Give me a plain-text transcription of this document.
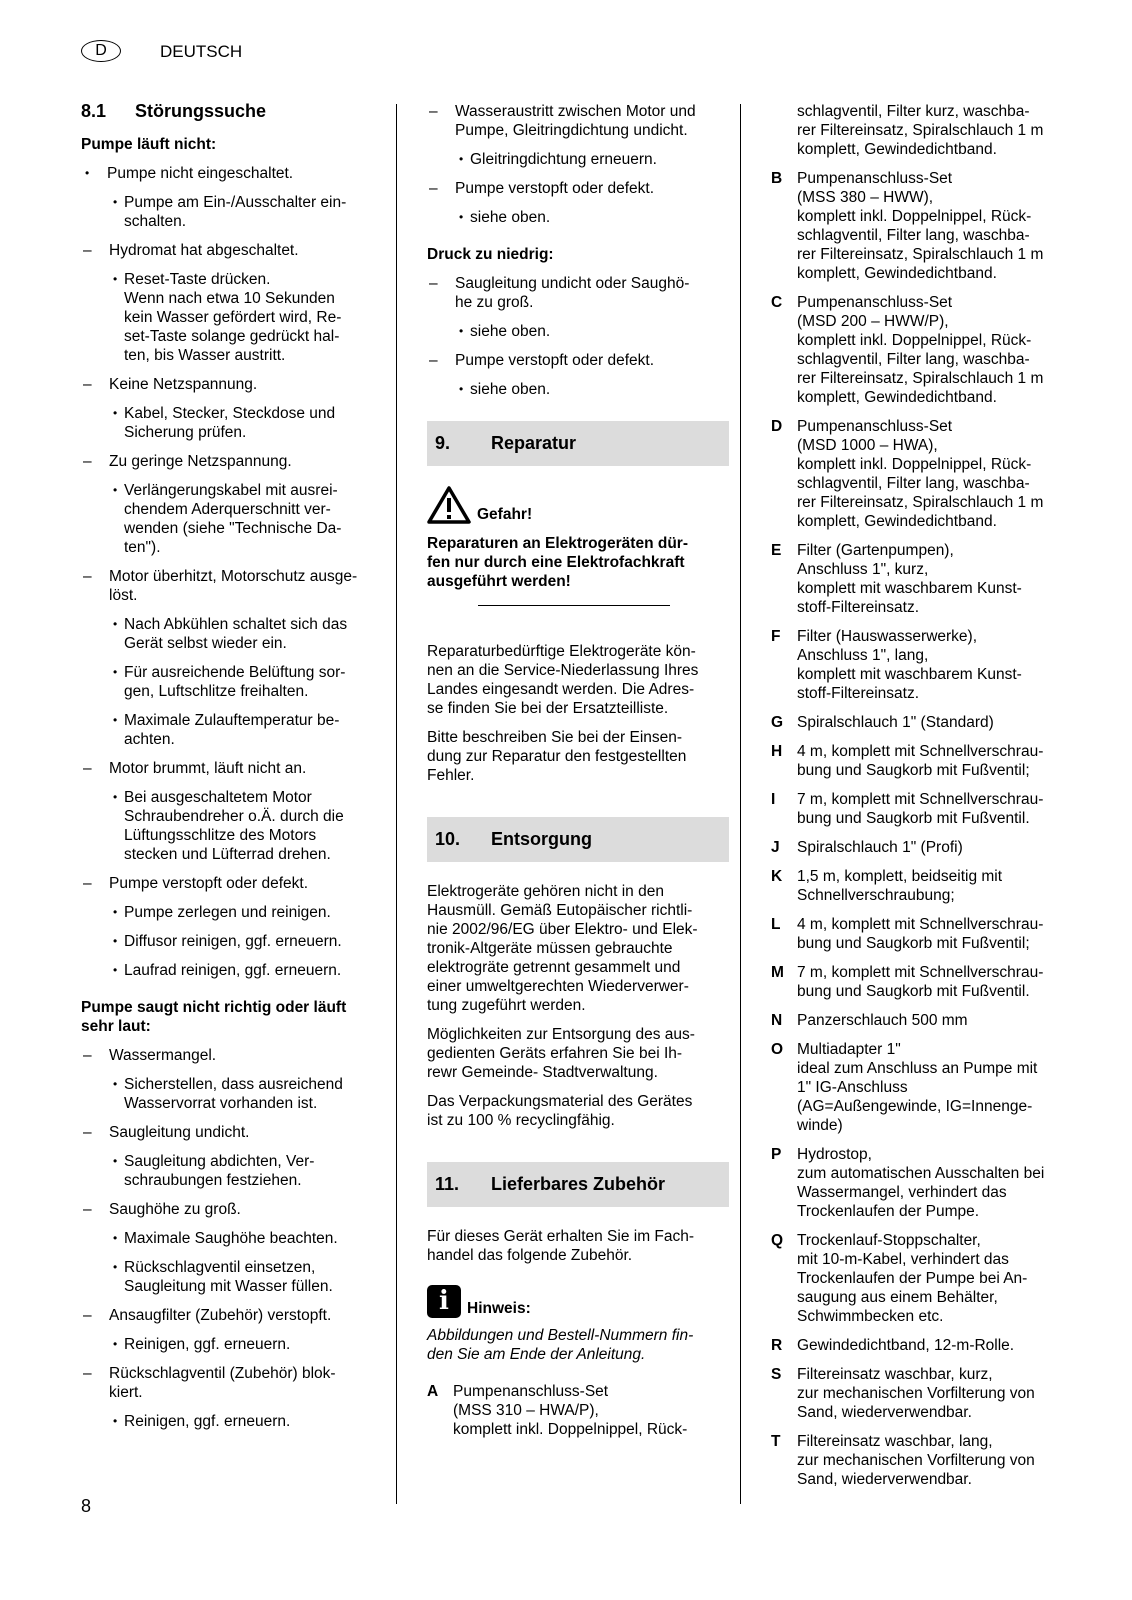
D	DEUTSCH
8.1	Störungssuche
Pumpe läuft nicht:
•	Pumpe nicht eingeschaltet.
• Pumpe am Ein-/Ausschalter ein-
schalten.
–	Hydromat hat abgeschaltet.
• Reset-Taste drücken.
Wenn nach etwa 10 Sekunden
kein Wasser gefördert wird, Re-
set-Taste solange gedrückt hal-
ten, bis Wasser austritt.
–	Keine Netzspannung.
• Kabel, Stecker, Steckdose und
Sicherung prüfen.
–	Zu geringe Netzspannung.
• Verlängerungskabel mit ausrei-
chendem Aderquerschnitt ver-
wenden (siehe "Technische Da-
ten").
–	Motor überhitzt, Motorschutz ausge-
löst.
• Nach Abkühlen schaltet sich das
Gerät selbst wieder ein.
• Für ausreichende Belüftung sor-
gen, Luftschlitze freihalten.
• Maximale Zulauftemperatur be-
achten.
–	Motor brummt, läuft nicht an.
• Bei ausgeschaltetem Motor
Schraubendreher o.Ä. durch die
Lüftungsschlitze des Motors
stecken und Lüfterrad drehen.
–	Pumpe verstopft oder defekt.
• Pumpe zerlegen und reinigen.
• Diffusor reinigen, ggf. erneuern.
• Laufrad reinigen, ggf. erneuern.
Pumpe saugt nicht richtig oder läuft
sehr laut:
–	Wassermangel.
• Sicherstellen, dass ausreichend
Wasservorrat vorhanden ist.
–	Saugleitung undicht.
• Saugleitung abdichten, Ver-
schraubungen festziehen.
–	Saughöhe zu groß.
• Maximale Saughöhe beachten.
• Rückschlagventil einsetzen,
Saugleitung mit Wasser füllen.
–	Ansaugfilter (Zubehör) verstopft.
• Reinigen, ggf. erneuern.
–	Rückschlagventil (Zubehör) blok-
kiert.
• Reinigen, ggf. erneuern.
–	Wasseraustritt zwischen Motor und
Pumpe, Gleitringdichtung undicht.
• Gleitringdichtung erneuern.
–	Pumpe verstopft oder defekt.
• siehe oben.
Druck zu niedrig:
–	Saugleitung undicht oder Saughö-
he zu groß.
• siehe oben.
–	Pumpe verstopft oder defekt.
• siehe oben.
9.	Reparatur
Gefahr!
Reparaturen an Elektrogeräten dür-
fen nur durch eine Elektrofachkraft
ausgeführt werden!
Reparaturbedürftige Elektrogeräte kön-
nen an die Service-Niederlassung Ihres
Landes eingesandt werden. Die Adres-
se finden Sie bei der Ersatzteilliste.
Bitte beschreiben Sie bei der Einsen-
dung zur Reparatur den festgestellten
Fehler.
10.	Entsorgung
Elektrogeräte gehören nicht in den
Hausmüll. Gemäß Eutopäischer richtli-
nie 2002/96/EG über Elektro- und Elek-
tronik-Altgeräte müssen gebrauchte
elektrogräte getrennt gesammelt und
einer umweltgerechten Wiederverwer-
tung zugeführt werden.
Möglichkeiten zur Entsorgung des aus-
gedienten Geräts erfahren Sie bei Ih-
rewr Gemeinde- Stadtverwaltung.
Das Verpackungsmaterial des Gerätes
ist zu 100 % recyclingfähig.
11.	Lieferbares Zubehör
Für dieses Gerät erhalten Sie im Fach-
handel das folgende Zubehör.
i	Hinweis:
Abbildungen und Bestell-Nummern fin-
den Sie am Ende der Anleitung.
A Pumpenanschluss-Set
(MSS 310 – HWA/P),
komplett inkl. Doppelnippel, Rück-
schlagventil, Filter kurz, waschba-
rer Filtereinsatz, Spiralschlauch 1 m
komplett, Gewindedichtband.
B Pumpenanschluss-Set
(MSS 380 – HWW),
komplett inkl. Doppelnippel, Rück-
schlagventil, Filter lang, waschba-
rer Filtereinsatz, Spiralschlauch 1 m
komplett, Gewindedichtband.
C Pumpenanschluss-Set
(MSD 200 – HWW/P),
komplett inkl. Doppelnippel, Rück-
schlagventil, Filter lang, waschba-
rer Filtereinsatz, Spiralschlauch 1 m
komplett, Gewindedichtband.
D Pumpenanschluss-Set
(MSD 1000 – HWA),
komplett inkl. Doppelnippel, Rück-
schlagventil, Filter lang, waschba-
rer Filtereinsatz, Spiralschlauch 1 m
komplett, Gewindedichtband.
E	Filter (Gartenpumpen),
Anschluss 1", kurz,
komplett mit waschbarem Kunst-
stoff-Filtereinsatz.
F	Filter (Hauswasserwerke),
Anschluss 1", lang,
komplett mit waschbarem Kunst-
stoff-Filtereinsatz.
G Spiralschlauch 1" (Standard)
H 4 m, komplett mit Schnellverschrau-
bung und Saugkorb mit Fußventil;
I	7 m, komplett mit Schnellverschrau-
bung und Saugkorb mit Fußventil.
J	Spiralschlauch 1" (Profi)
K 1,5 m, komplett, beidseitig mit
Schnellverschraubung;
L	4 m, komplett mit Schnellverschrau-
bung und Saugkorb mit Fußventil;
M 7 m, komplett mit Schnellverschrau-
bung und Saugkorb mit Fußventil.
N Panzerschlauch 500 mm
O Multiadapter 1"
ideal zum Anschluss an Pumpe mit
1" IG-Anschluss
(AG=Außengewinde, IG=Innenge-
winde)
P	Hydrostop,
zum automatischen Ausschalten bei
Wassermangel, verhindert das
Trockenlaufen der Pumpe.
Q Trockenlauf-Stoppschalter,
mit 10-m-Kabel, verhindert das
Trockenlaufen der Pumpe bei An-
saugung aus einem Behälter,
Schwimmbecken etc.
R Gewindedichtband, 12-m-Rolle.
S	Filtereinsatz waschbar, kurz,
zur mechanischen Vorfilterung von
Sand, wiederverwendbar.
T	Filtereinsatz waschbar, lang,
zur mechanischen Vorfilterung von
Sand, wiederverwendbar.
8
